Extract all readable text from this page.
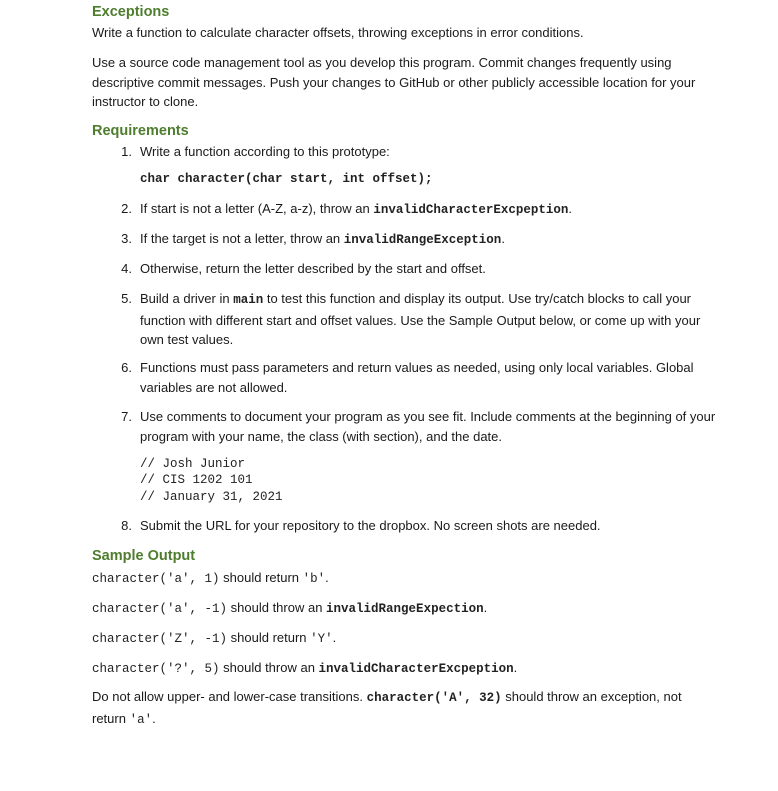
Exceptions

Write a function to calculate character offsets, throwing exceptions in error conditions.

Use a source code management tool as you develop this program. Commit changes frequently using descriptive commit messages. Push your changes to GitHub or other publicly accessible location for your instructor to clone.

Requirements
1. Write a function according to this prototype:
char character(char start, int offset);
2. If start is not a letter (A-Z, a-z), throw an invalidCharacterExcpeption.
3. If the target is not a letter, throw an invalidRangeException.
4. Otherwise, return the letter described by the start and offset.
5. Build a driver in main to test this function and display its output. Use try/catch blocks to call your function with different start and offset values. Use the Sample Output below, or come up with your own test values.
6. Functions must pass parameters and return values as needed, using only local variables. Global variables are not allowed.
7. Use comments to document your program as you see fit. Include comments at the beginning of your program with your name, the class (with section), and the date.
// Josh Junior
// CIS 1202 101
// January 31, 2021
8. Submit the URL for your repository to the dropbox. No screen shots are needed.
Sample Output

character('a', 1) should return 'b'.

character('a', -1) should throw an invalidRangeExpection.

character('Z', -1) should return 'Y'.

character('?', 5) should throw an invalidCharacterExcpeption.

Do not allow upper- and lower-case transitions. character('A', 32) should throw an exception, not return 'a'.
